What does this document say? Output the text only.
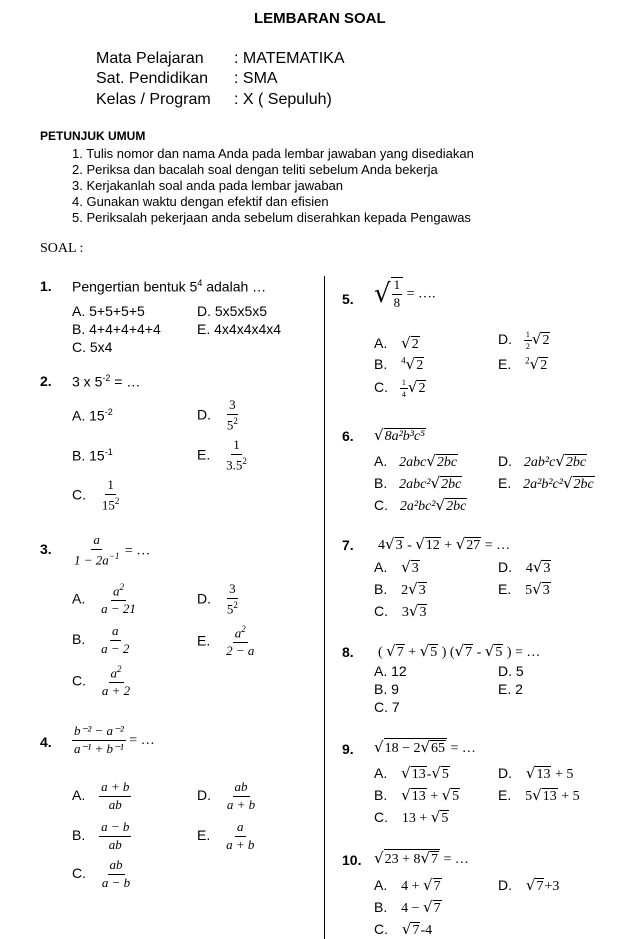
LEMBARAN SOAL
Mata Pelajaran : MATEMATIKA
Sat. Pendidikan : SMA
Kelas / Program : X ( Sepuluh)
PETUNJUK UMUM
1. Tulis nomor dan nama Anda pada lembar jawaban yang disediakan
2. Periksa dan bacalah soal dengan teliti sebelum Anda bekerja
3. Kerjakanlah soal anda pada lembar jawaban
4. Gunakan waktu dengan efektif dan efisien
5. Periksalah pekerjaan anda sebelum diserahkan kepada Pengawas
SOAL :
1. Pengertian bentuk $5^4$ adalah …
A. 5+5+5+5
B. 4+4+4+4+4
C. 5x4
D. 5x5x5x5
E. 4x4x4x4x4
2. 3 x $5^{-2}$ = …
A. $15^{-2}$
B. $15^{-1}$
C. $\frac{1}{15^2}$
D. $\frac{3}{5^2}$
E. $\frac{1}{3.5^2}$
3. $\frac{a}{1 - 2a^{-1}}$ = …
A. $\frac{a^2}{a - 21}$
B. $\frac{a}{a - 2}$
C. $\frac{a^2}{a + 2}$
D. $\frac{3}{5^2}$
E. $\frac{a^2}{2 - a}$
4. $\frac{\text{b⁻² − a⁻²}}{\text{a⁻¹ + b⁻¹}}$ = …
A. $\frac{a + b}{ab}$
B. $\frac{a - b}{ab}$
C. $\frac{ab}{a - b}$
D. $\frac{ab}{a + b}$
E. $\frac{a}{a + b}$
5. √ $\frac{1}{8}$ = ….
A. √2
B. $^4$√2
C. $\frac{1}{4} √2$
D. $\frac{1}{2} √2$
E. $^2$√2
6. √8a²b³c⁵
A. 2abc√2bc
B. 2abc²√2bc
C. 2a²bc²√2bc
D. 2ab²c√2bc
E. 2a²b²c²√2bc
7. 4√3 - √12 + √27 = …
A. √3
B. 2√3
C. 3√3
D. 4√3
E. 5√3
8. ( √7 + √5 ) (√7 - √5 ) = …
A. 12
B. 9
C. 7
D. 5
E. 2
9. √18 − 2√65 = …
A. √13-√5
B. √13 + √5
C. 13 + √5
D. √13 + 5
E. 5√13 + 5
10. √23 + 8√7 = …
A. 4 + √7
B. 4 − √7
C. √7-4
D. √7+3
